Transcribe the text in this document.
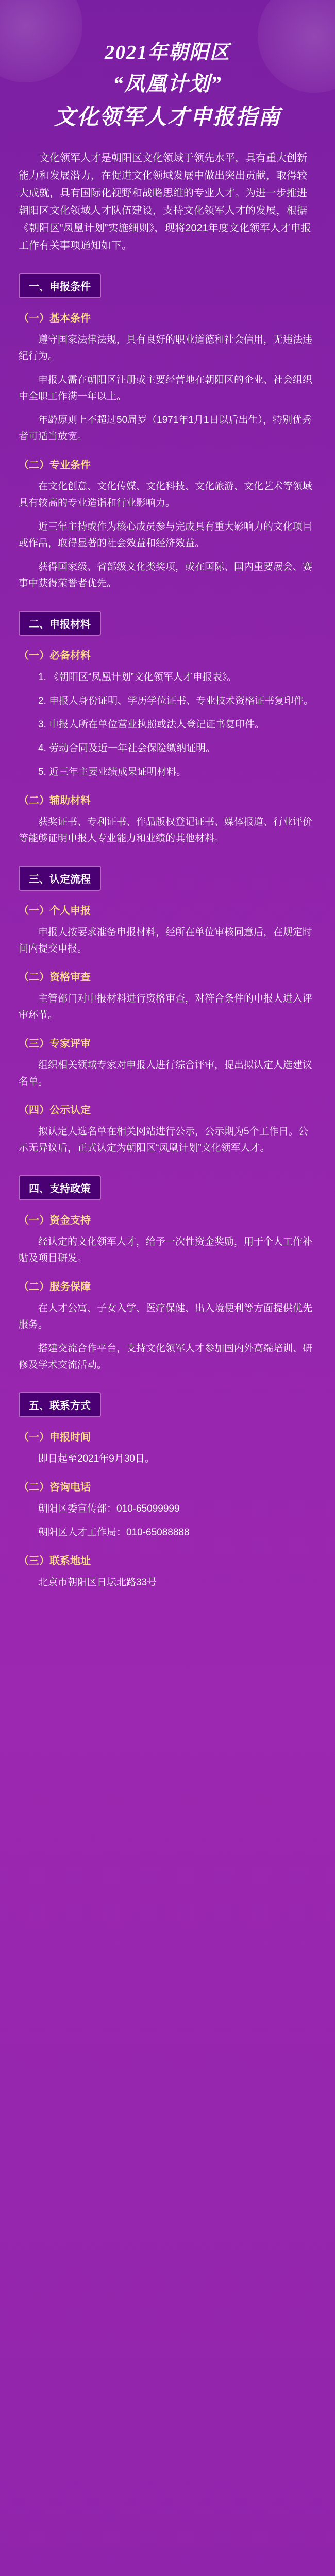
2021年朝阳区
“凤凰计划”
文化领军人才申报指南
文化领军人才是朝阳区文化领域于领先水平，具有重大创新能力和发展潜力，在促进文化领域发展中做出突出贡献，取得较大成就，具有国际化视野和战略思维的专业人才。为进一步推进朝阳区文化领域人才队伍建设，支持文化领军人才的发展，根据《朝阳区“凤凰计划”实施细则》，现将2021年度文化领军人才申报工作有关事项通知如下。
一、申报条件
（一）基本条件
遵守国家法律法规，具有良好的职业道德和社会信用，无违法违纪行为。
申报人需在朝阳区注册或主要经营地在朝阳区的企业、社会组织中全职工作满一年以上。
年龄原则上不超过50周岁（1971年1月1日以后出生），特别优秀者可适当放宽。
（二）专业条件
在文化创意、文化传媒、文化科技、文化旅游、文化艺术等领域具有较高的专业造诣和行业影响力。
近三年主持或作为核心成员参与完成具有重大影响力的文化项目或作品，取得显著的社会效益和经济效益。
获得国家级、省部级文化类奖项，或在国际、国内重要展会、赛事中获得荣誉者优先。
二、申报材料
（一）必备材料
1. 《朝阳区“凤凰计划”文化领军人才申报表》。
2. 申报人身份证明、学历学位证书、专业技术资格证书复印件。
3. 申报人所在单位营业执照或法人登记证书复印件。
4. 劳动合同及近一年社会保险缴纳证明。
5. 近三年主要业绩成果证明材料。
（二）辅助材料
获奖证书、专利证书、作品版权登记证书、媒体报道、行业评价等能够证明申报人专业能力和业绩的其他材料。
三、认定流程
（一）个人申报
申报人按要求准备申报材料，经所在单位审核同意后，在规定时间内提交申报。
（二）资格审查
主管部门对申报材料进行资格审查，对符合条件的申报人进入评审环节。
（三）专家评审
组织相关领域专家对申报人进行综合评审，提出拟认定人选建议名单。
（四）公示认定
拟认定人选名单在相关网站进行公示，公示期为5个工作日。公示无异议后，正式认定为朝阳区“凤凰计划”文化领军人才。
四、支持政策
（一）资金支持
经认定的文化领军人才，给予一次性资金奖励，用于个人工作补贴及项目研发。
（二）服务保障
在人才公寓、子女入学、医疗保健、出入境便利等方面提供优先服务。
搭建交流合作平台，支持文化领军人才参加国内外高端培训、研修及学术交流活动。
五、联系方式
（一）申报时间
即日起至2021年9月30日。
（二）咨询电话
朝阳区委宣传部：010-65099999
朝阳区人才工作局：010-65088888
（三）联系地址
北京市朝阳区日坛北路33号
